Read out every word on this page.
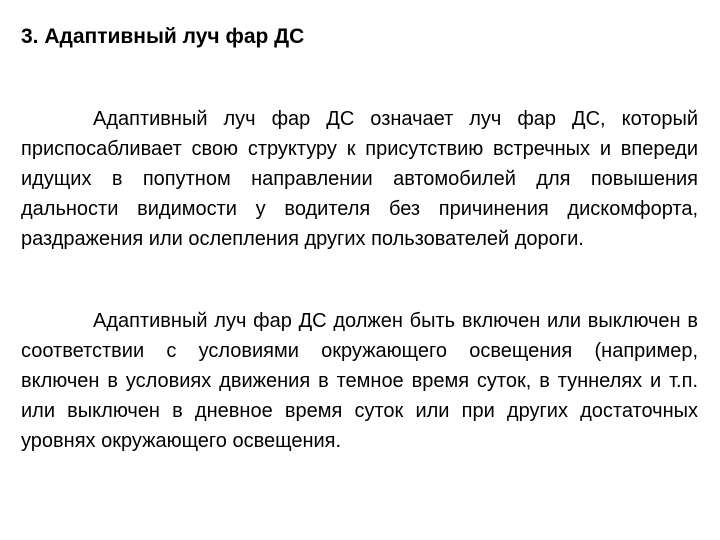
3. Адаптивный луч фар ДС

Адаптивный луч фар ДС означает луч фар ДС, который приспосабливает свою структуру к присутствию встречных и впереди идущих в попутном направлении автомобилей для повышения дальности видимости у водителя без причинения дискомфорта, раздражения или ослепления других пользователей дороги.

Адаптивный луч фар ДС должен быть включен или выключен в соответствии с условиями окружающего освещения (например, включен в условиях движения в темное время суток, в туннелях и т.п. или выключен в дневное время суток или при других достаточных уровнях окружающего освещения.
